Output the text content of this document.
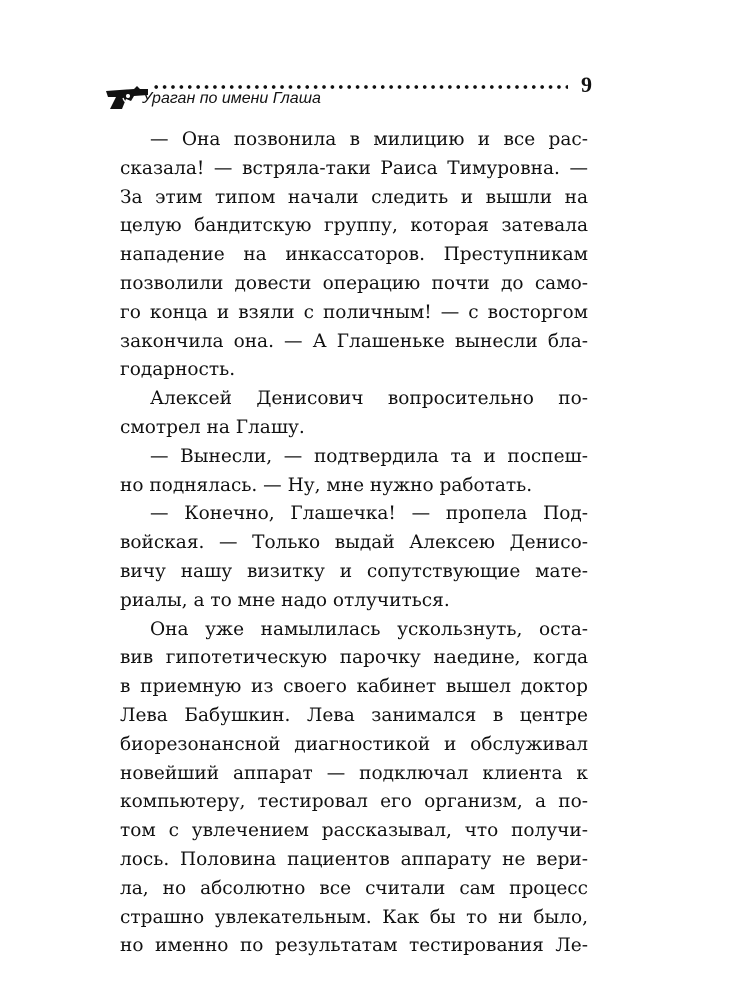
Ураган по имени Глаша
9
— Она позвонила в милицию и все рас-
сказала! — встряла-таки Раиса Тимуровна. —
За этим типом начали следить и вышли на
целую бандитскую группу, которая затевала
нападение на инкассаторов. Преступникам
позволили довести операцию почти до само-
го конца и взяли с поличным! — с восторгом
закончила она. — А Глашеньке вынесли бла-
годарность.
Алексей Денисович вопросительно по-
смотрел на Глашу.
— Вынесли, — подтвердила та и поспеш-
но поднялась. — Ну, мне нужно работать.
— Конечно, Глашечка! — пропела Под-
войская. — Только выдай Алексею Денисо-
вичу нашу визитку и сопутствующие мате-
риалы, а то мне надо отлучиться.
Она уже намылилась ускользнуть, оста-
вив гипотетическую парочку наедине, когда
в приемную из своего кабинет вышел доктор
Лева Бабушкин. Лева занимался в центре
биорезонансной диагностикой и обслуживал
новейший аппарат — подключал клиента к
компьютеру, тестировал его организм, а по-
том с увлечением рассказывал, что получи-
лось. Половина пациентов аппарату не вери-
ла, но абсолютно все считали сам процесс
страшно увлекательным. Как бы то ни было,
но именно по результатам тестирования Ле-
